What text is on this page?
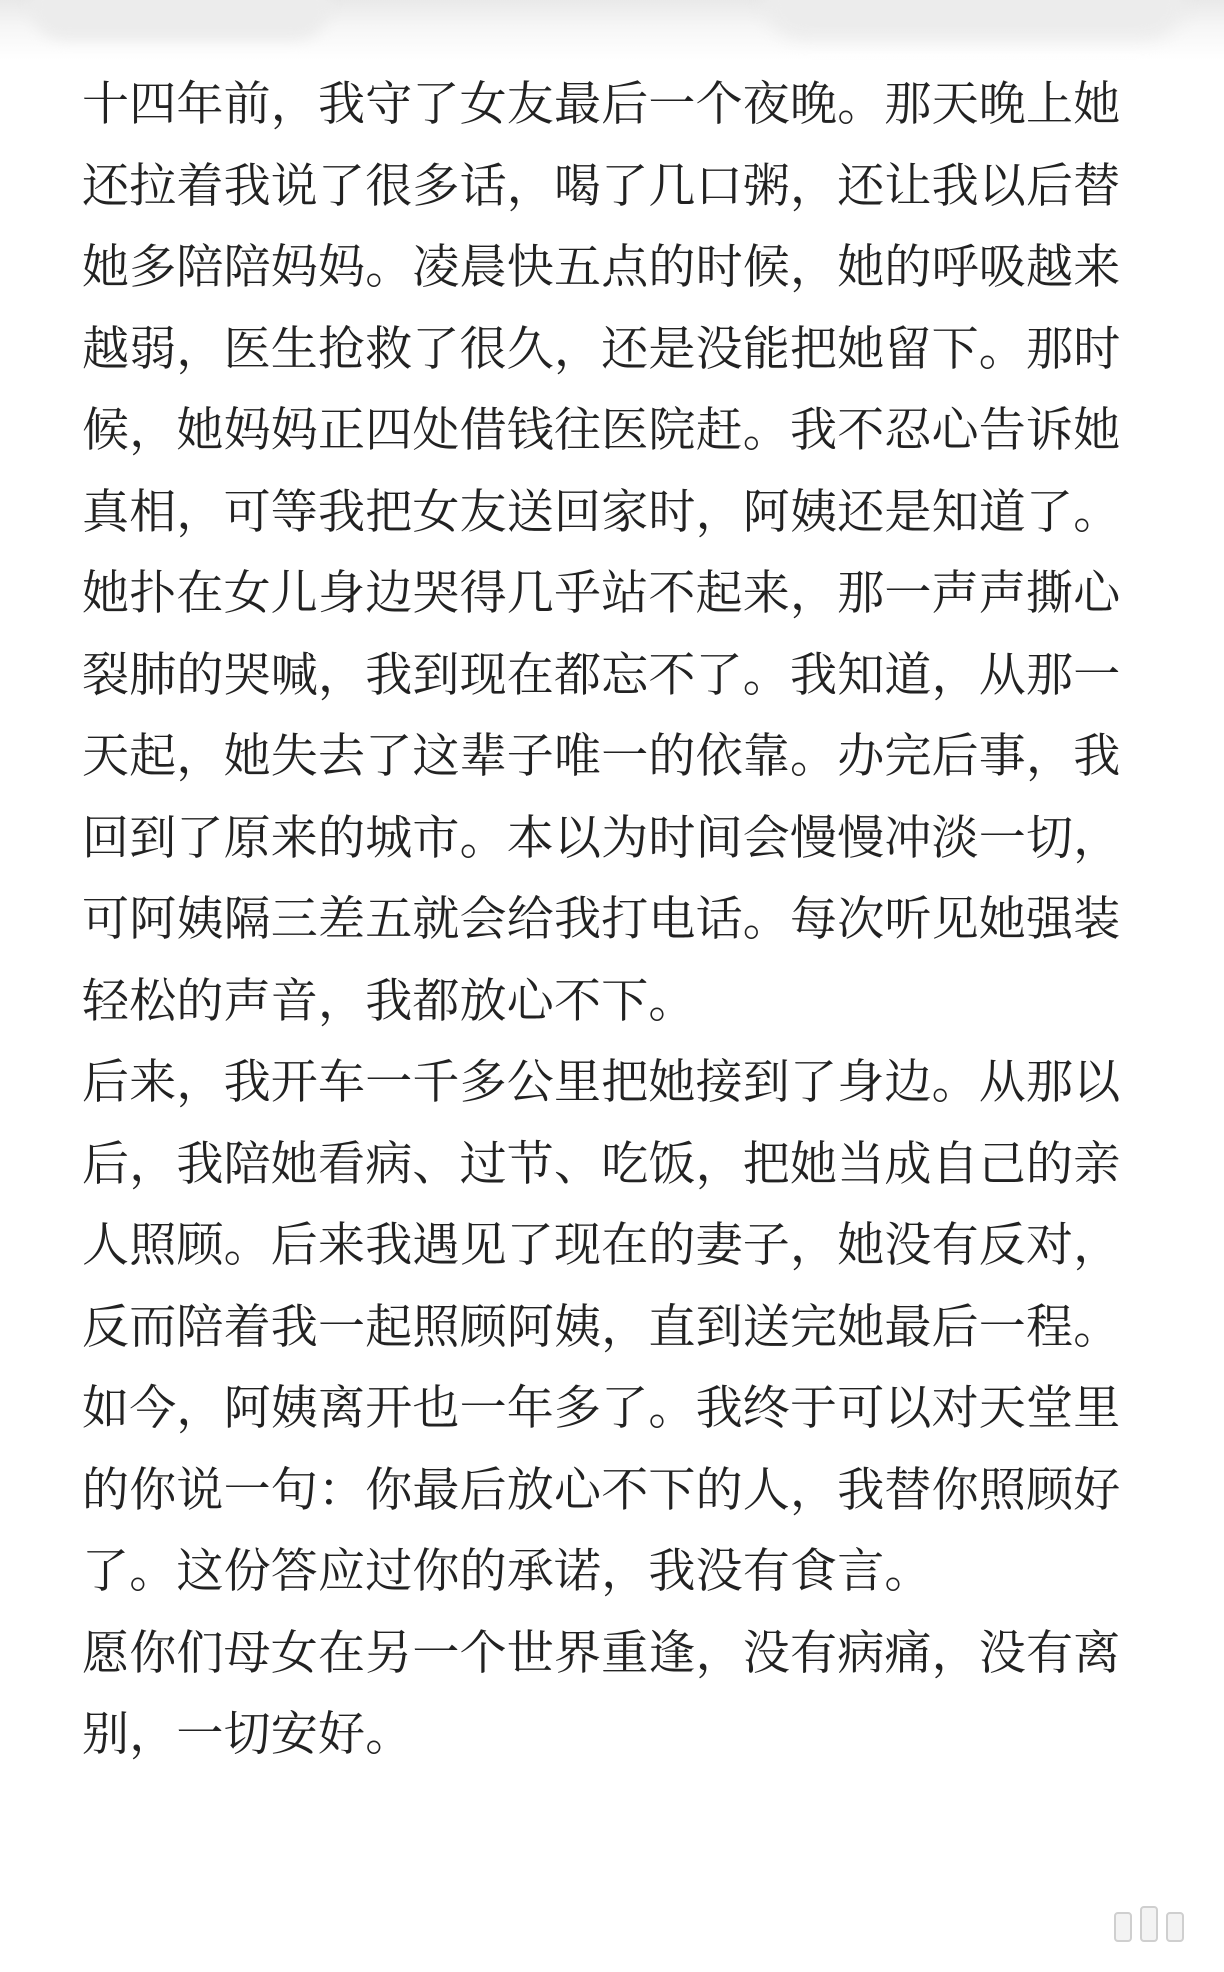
十四年前，我守了女友最后一个夜晚。那天晚上她还拉着我说了很多话，喝了几口粥，还让我以后替她多陪陪妈妈。凌晨快五点的时候，她的呼吸越来越弱，医生抢救了很久，还是没能把她留下。那时候，她妈妈正四处借钱往医院赶。我不忍心告诉她真相，可等我把女友送回家时，阿姨还是知道了。她扑在女儿身边哭得几乎站不起来，那一声声撕心裂肺的哭喊，我到现在都忘不了。我知道，从那一天起，她失去了这辈子唯一的依靠。办完后事，我回到了原来的城市。本以为时间会慢慢冲淡一切，可阿姨隔三差五就会给我打电话。每次听见她强装轻松的声音，我都放心不下。

后来，我开车一千多公里把她接到了身边。从那以后，我陪她看病、过节、吃饭，把她当成自己的亲人照顾。后来我遇见了现在的妻子，她没有反对，反而陪着我一起照顾阿姨，直到送完她最后一程。如今，阿姨离开也一年多了。我终于可以对天堂里的你说一句：你最后放心不下的人，我替你照顾好了。这份答应过你的承诺，我没有食言。

愿你们母女在另一个世界重逢，没有病痛，没有离别，一切安好。
